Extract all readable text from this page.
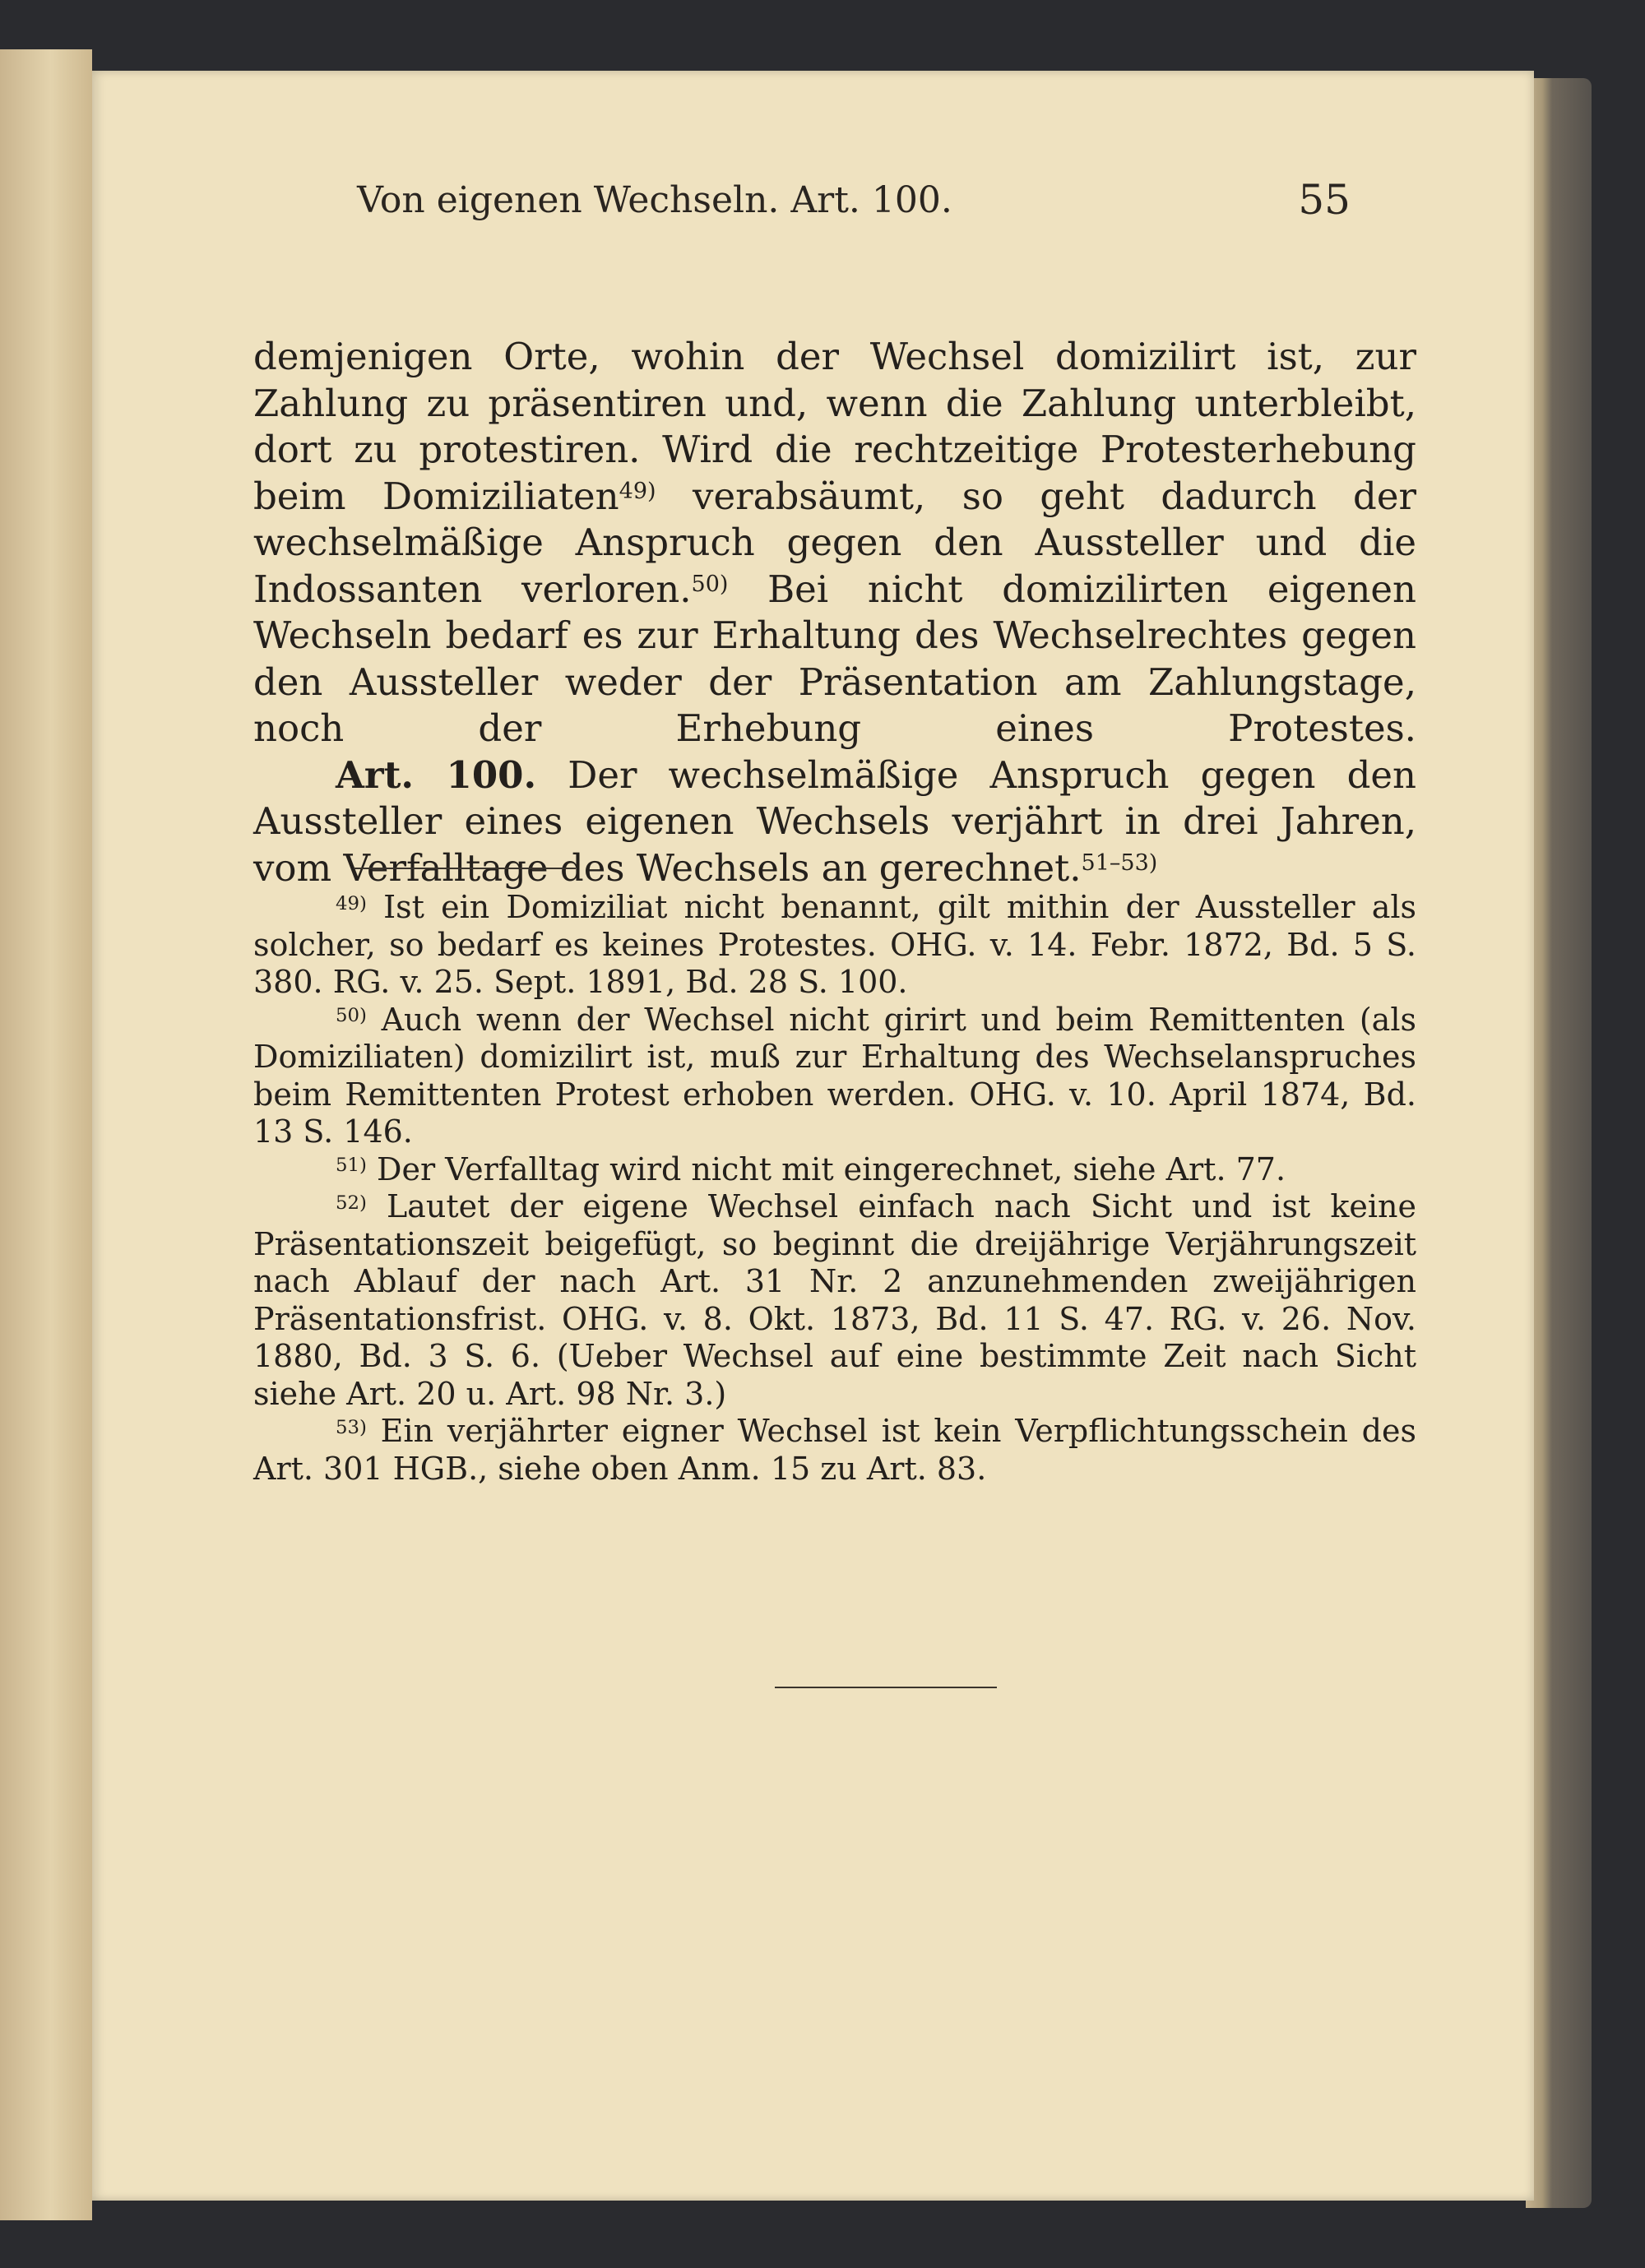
Von eigenen Wechseln. Art. 100.	55

demjenigen Orte, wohin der Wechsel domizilirt ist, zur Zahlung zu präsentiren und, wenn die Zahlung unterbleibt, dort zu protestiren. Wird die rechtzeitige Protesterhebung beim Domiziliaten$^{49)}$ verabsäumt, so geht dadurch der wechselmäßige Anspruch gegen den Aussteller und die Indossanten verloren.$^{50)}$ Bei nicht domizilirten eigenen Wechseln bedarf es zur Erhaltung des Wechselrechtes gegen den Aussteller weder der Präsentation am Zahlungstage, noch der Erhebung eines Protestes.

Art. 100. Der wechselmäßige Anspruch gegen den Aussteller eines eigenen Wechsels verjährt in drei Jahren, vom Verfalltage des Wechsels an gerechnet.$^{51-53)}$

$^{49)}$ Ist ein Domiziliat nicht benannt, gilt mithin der Aussteller als solcher, so bedarf es keines Protestes. OHG. v. 14. Febr. 1872, Bd. 5 S. 380. RG. v. 25. Sept. 1891, Bd. 28 S. 100.

$^{50)}$ Auch wenn der Wechsel nicht girirt und beim Remittenten (als Domiziliaten) domizilirt ist, muß zur Erhaltung des Wechselanspruches beim Remittenten Protest erhoben werden. OHG. v. 10. April 1874, Bd. 13 S. 146.

$^{51)}$ Der Verfalltag wird nicht mit eingerechnet, siehe Art. 77.

$^{52)}$ Lautet der eigene Wechsel einfach nach Sicht und ist keine Präsentationszeit beigefügt, so beginnt die dreijährige Verjährungszeit nach Ablauf der nach Art. 31 Nr. 2 anzunehmenden zweijährigen Präsentationsfrist. OHG. v. 8. Okt. 1873, Bd. 11 S. 47. RG. v. 26. Nov. 1880, Bd. 3 S. 6. (Ueber Wechsel auf eine bestimmte Zeit nach Sicht siehe Art. 20 u. Art. 98 Nr. 3.)

$^{53)}$ Ein verjährter eigner Wechsel ist kein Verpflichtungsschein des Art. 301 HGB., siehe oben Anm. 15 zu Art. 83.
